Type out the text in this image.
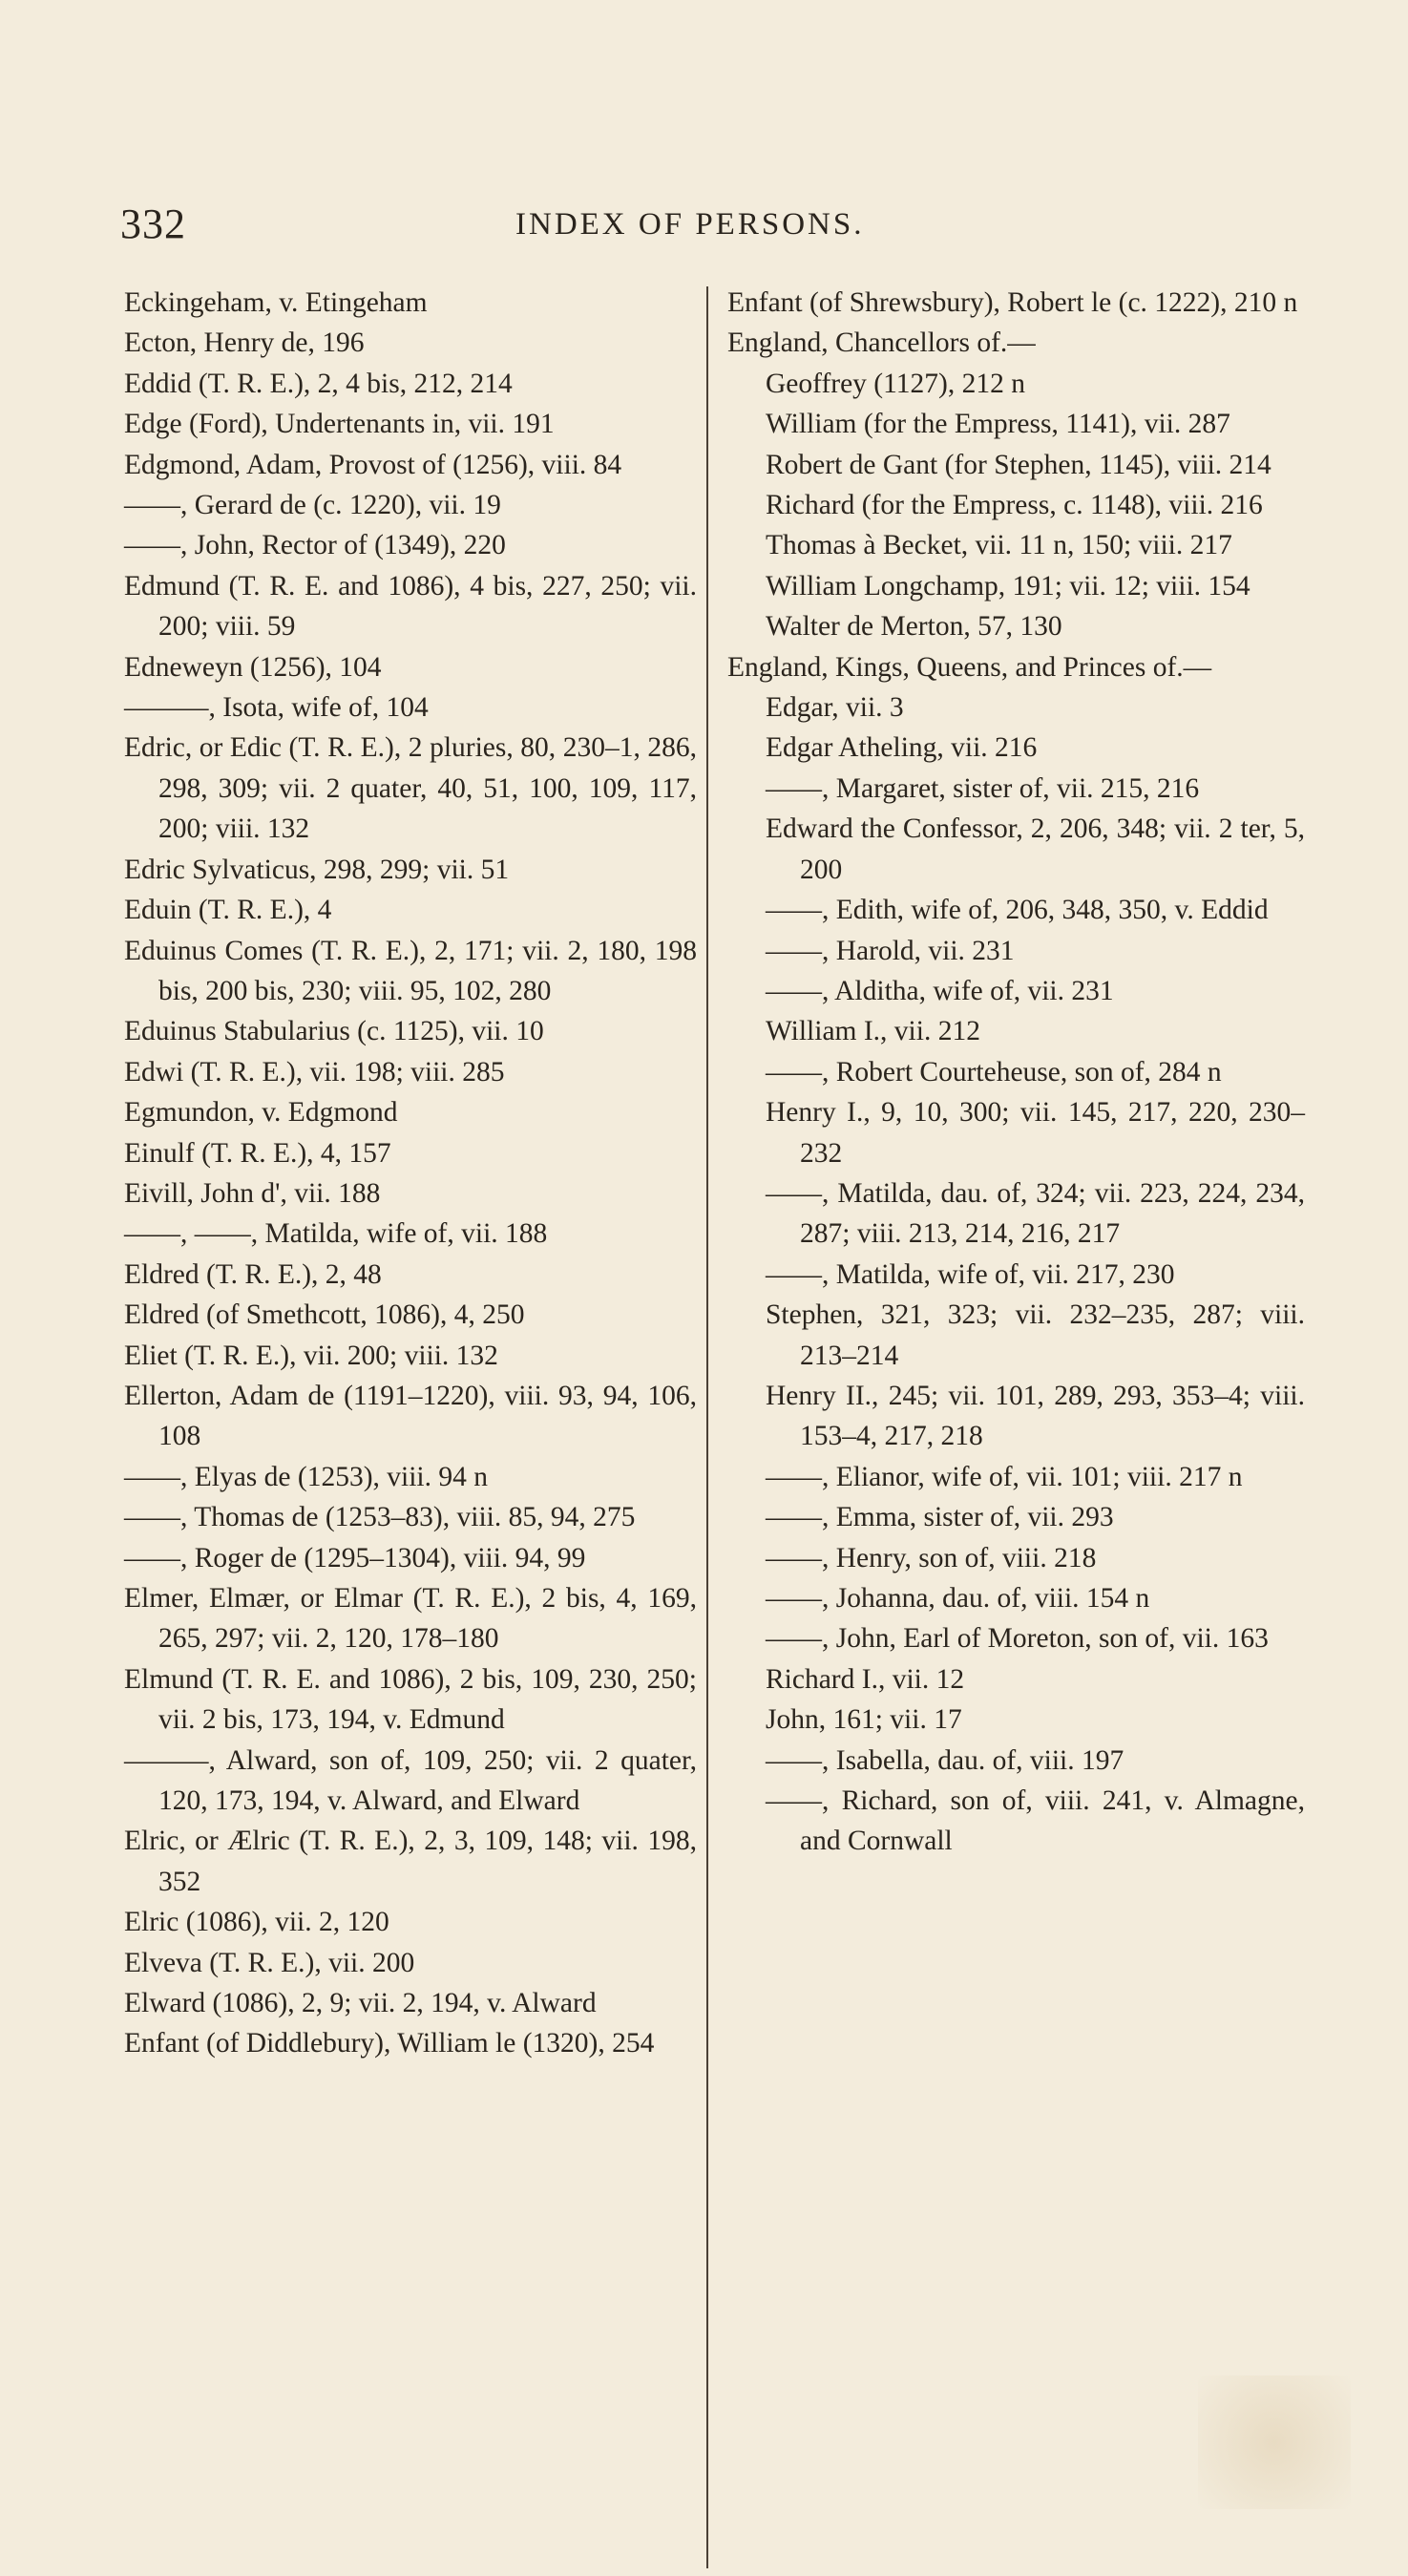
332	INDEX OF PERSONS.
Eckingeham, v. Etingeham
Ecton, Henry de, 196
Eddid (T. R. E.), 2, 4 bis, 212, 214
Edge (Ford), Undertenants in, vii. 191
Edgmond, Adam, Provost of (1256), viii. 84
——, Gerard de (c. 1220), vii. 19
——, John, Rector of (1349), 220
Edmund (T. R. E. and 1086), 4 bis, 227, 250; vii. 200; viii. 59
Edneweyn (1256), 104
———, Isota, wife of, 104
Edric, or Edic (T. R. E.), 2 pluries, 80, 230–1, 286, 298, 309; vii. 2 quater, 40, 51, 100, 109, 117, 200; viii. 132
Edric Sylvaticus, 298, 299; vii. 51
Eduin (T. R. E.), 4
Eduinus Comes (T. R. E.), 2, 171; vii. 2, 180, 198 bis, 200 bis, 230; viii. 95, 102, 280
Eduinus Stabularius (c. 1125), vii. 10
Edwi (T. R. E.), vii. 198; viii. 285
Egmundon, v. Edgmond
Einulf (T. R. E.), 4, 157
Eivill, John d', vii. 188
——, ——, Matilda, wife of, vii. 188
Eldred (T. R. E.), 2, 48
Eldred (of Smethcott, 1086), 4, 250
Eliet (T. R. E.), vii. 200; viii. 132
Ellerton, Adam de (1191–1220), viii. 93, 94, 106, 108
——, Elyas de (1253), viii. 94 n
——, Thomas de (1253–83), viii. 85, 94, 275
——, Roger de (1295–1304), viii. 94, 99
Elmer, Elmær, or Elmar (T. R. E.), 2 bis, 4, 169, 265, 297; vii. 2, 120, 178–180
Elmund (T. R. E. and 1086), 2 bis, 109, 230, 250; vii. 2 bis, 173, 194, v. Edmund
———, Alward, son of, 109, 250; vii. 2 quater, 120, 173, 194, v. Alward, and Elward
Elric, or Ælric (T. R. E.), 2, 3, 109, 148; vii. 198, 352
Elric (1086), vii. 2, 120
Elveva (T. R. E.), vii. 200
Elward (1086), 2, 9; vii. 2, 194, v. Alward
Enfant (of Diddlebury), William le (1320), 254
Enfant (of Shrewsbury), Robert le (c. 1222), 210 n
England, Chancellors of.—
Geoffrey (1127), 212 n
William (for the Empress, 1141), vii. 287
Robert de Gant (for Stephen, 1145), viii. 214
Richard (for the Empress, c. 1148), viii. 216
Thomas à Becket, vii. 11 n, 150; viii. 217
William Longchamp, 191; vii. 12; viii. 154
Walter de Merton, 57, 130
England, Kings, Queens, and Princes of.—
Edgar, vii. 3
Edgar Atheling, vii. 216
——, Margaret, sister of, vii. 215, 216
Edward the Confessor, 2, 206, 348; vii. 2 ter, 5, 200
——, Edith, wife of, 206, 348, 350, v. Eddid
——, Harold, vii. 231
——, Alditha, wife of, vii. 231
William I., vii. 212
——, Robert Courteheuse, son of, 284 n
Henry I., 9, 10, 300; vii. 145, 217, 220, 230–232
——, Matilda, dau. of, 324; vii. 223, 224, 234, 287; viii. 213, 214, 216, 217
——, Matilda, wife of, vii. 217, 230
Stephen, 321, 323; vii. 232–235, 287; viii. 213–214
Henry II., 245; vii. 101, 289, 293, 353–4; viii. 153–4, 217, 218
——, Elianor, wife of, vii. 101; viii. 217 n
——, Emma, sister of, vii. 293
——, Henry, son of, viii. 218
——, Johanna, dau. of, viii. 154 n
——, John, Earl of Moreton, son of, vii. 163
Richard I., vii. 12
John, 161; vii. 17
——, Isabella, dau. of, viii. 197
——, Richard, son of, viii. 241, v. Almagne, and Cornwall
